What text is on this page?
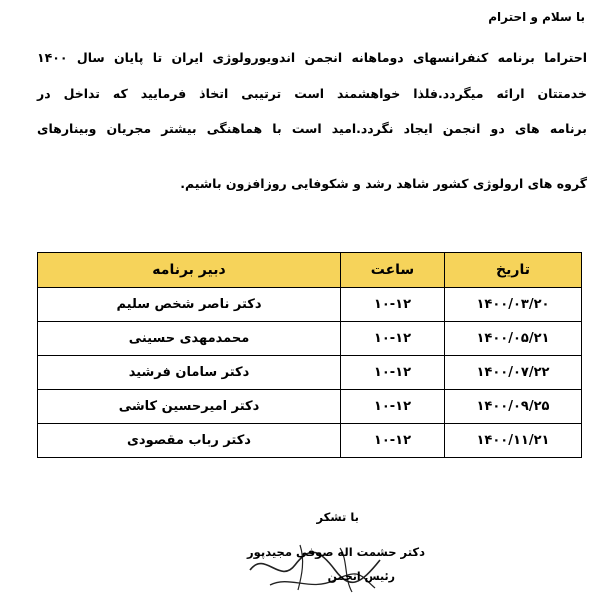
با سلام و احترام
احتراما برنامه کنفرانسهای دوماهانه انجمن اندویورولوژی ایران تا پایان سال ۱۴۰۰
خدمتتان ارائه میگردد.فلذا خواهشمند است ترتیبی اتخاذ فرمایید که تداخل در
برنامه های دو انجمن ایجاد نگردد.امید است با هماهنگی بیشتر مجریان وبینارهای
گروه های ارولوژی کشور شاهد رشد و شکوفایی روزافزون باشیم.
تاریخ	ساعت	دبیر برنامه
۱۴۰۰/۰۳/۲۰	۱۰-۱۲	دکتر ناصر شخص سلیم
۱۴۰۰/۰۵/۲۱	۱۰-۱۲	محمدمهدی حسینی
۱۴۰۰/۰۷/۲۲	۱۰-۱۲	دکتر سامان فرشید
۱۴۰۰/۰۹/۲۵	۱۰-۱۲	دکتر امیرحسین کاشی
۱۴۰۰/۱۱/۲۱	۱۰-۱۲	دکتر رباب مقصودی
با تشکر
دکتر حشمت اله صوفی مجیدپور
رئیس انجمن
